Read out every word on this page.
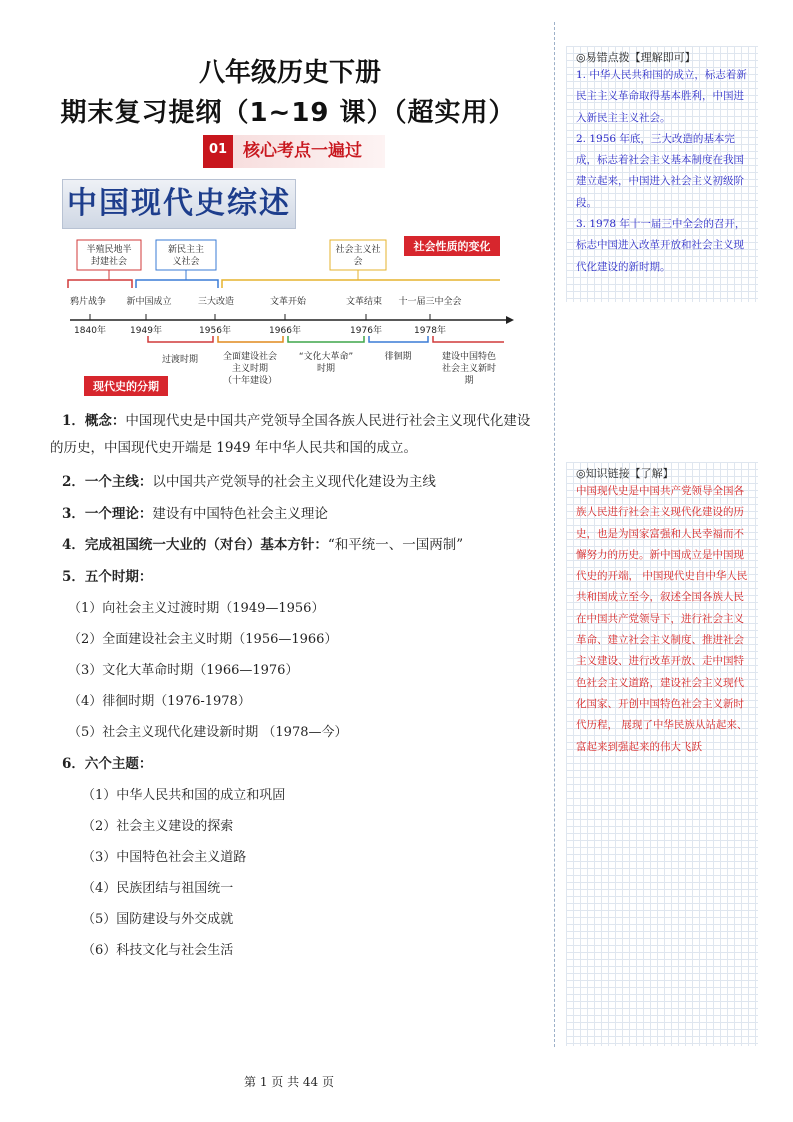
八年级历史下册
期末复习提纲（1~19 课）（超实用）
01 核心考点一遍过
中国现代史综述
半殖民地半
封建社会
新民主主
义社会
社会主义社
会
社会性质的变化
鸦片战争 新中国成立	三大改造	文革开始	文革结束 十一届三中全会
1840年	1949年	1956年	1966年	1976年	1978年
过渡时期	全面建设社会
主义时期
（十年建设）
“文化大革命”
时期
徘徊期	建设中国特色
社会主义新时
期
现代史的分期
1．概念：中国现代史是中国共产党领导全国各族人民进行社会主义现代化建设的历史，中国现代史开端是 1949 年中华人民共和国的成立。
2．一个主线：以中国共产党领导的社会主义现代化建设为主线
3．一个理论：建设有中国特色社会主义理论
4．完成祖国统一大业的（对台）基本方针：“和平统一、一国两制”
5．五个时期：
（1）向社会主义过渡时期（1949—1956）
（2）全面建设社会主义时期（1956—1966）
（3）文化大革命时期（1966—1976）
（4）徘徊时期（1976-1978）
（5）社会主义现代化建设新时期 （1978—今）
6．六个主题：
（1）中华人民共和国的成立和巩固
（2）社会主义建设的探索
（3）中国特色社会主义道路
（4）民族团结与祖国统一
（5）国防建设与外交成就
（6）科技文化与社会生活
◎易错点拨【理解即可】

1. 中华人民共和国的成立，标志着新民主主义革命取得基本胜利，中国进入新民主主义社会。

2. 1956 年底，三大改造的基本完成，标志着社会主义基本制度在我国建立起来，中国进入社会主义初级阶段。

3. 1978 年十一届三中全会的召开，标志中国进入改革开放和社会主义现代化建设的新时期。

◎知识链接【了解】

中国现代史是中国共产党领导全国各族人民进行社会主义现代化建设的历史，也是为国家富强和人民幸福而不懈努力的历史。新中国成立是中国现代史的开端， 中国现代史自中华人民共和国成立至今，叙述全国各族人民在中国共产党领导下，进行社会主义革命、建立社会主义制度、推进社会主义建设、进行改革开放、走中国特色社会主义道路，建设社会主义现代化国家、开创中国特色社会主义新时代历程， 展现了中华民族从站起来、富起来到强起来的伟大飞跃

第 1 页 共 44 页
